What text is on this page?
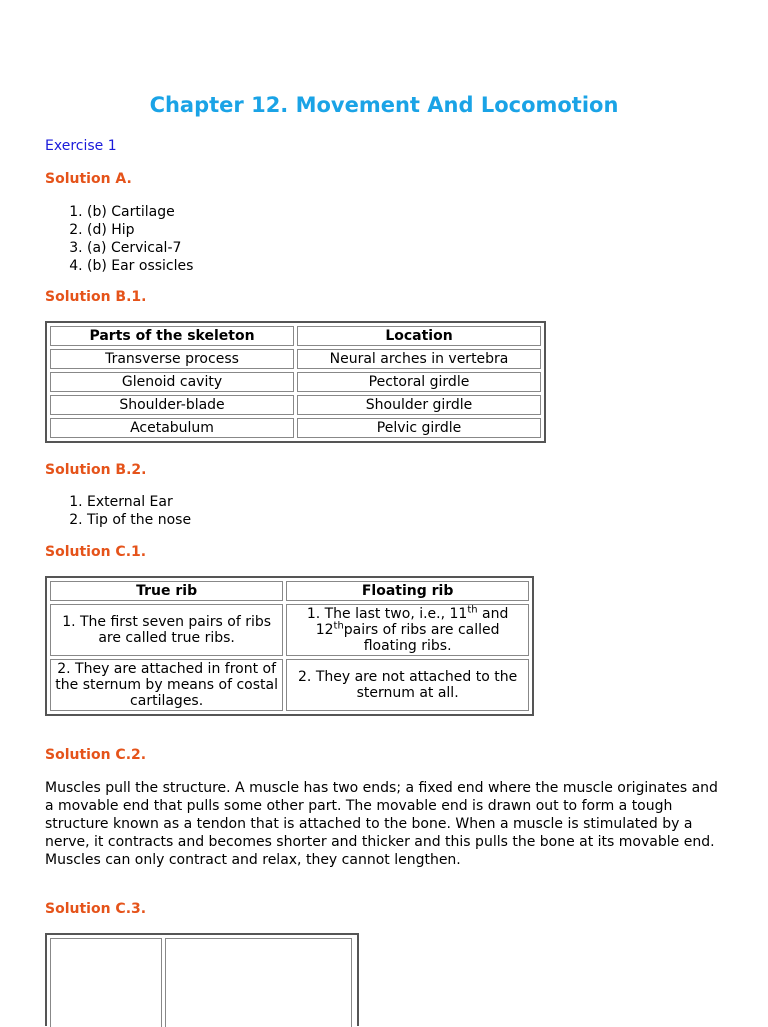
Chapter 12. Movement And Locomotion
Exercise 1
Solution A.
1. (b) Cartilage
2. (d) Hip
3. (a) Cervical-7
4. (b) Ear ossicles
Solution B.1.
Parts of the skeleton	Location
Transverse process	Neural arches in vertebra
Glenoid cavity	Pectoral girdle
Shoulder-blade	Shoulder girdle
Acetabulum	Pelvic girdle
Solution B.2.
1. External Ear
2. Tip of the nose
Solution C.1.
True rib	Floating rib
1. The first seven pairs of ribs are called true ribs.	1. The last two, i.e., 11th and 12thpairs of ribs are called floating ribs.
2. They are attached in front of the sternum by means of costal cartilages.	2. They are not attached to the sternum at all.
Solution C.2.
Muscles pull the structure. A muscle has two ends; a fixed end where the muscle originates and a movable end that pulls some other part. The movable end is drawn out to form a tough structure known as a tendon that is attached to the bone. When a muscle is stimulated by a nerve, it contracts and becomes shorter and thicker and this pulls the bone at its movable end. Muscles can only contract and relax, they cannot lengthen.
Solution C.3.
